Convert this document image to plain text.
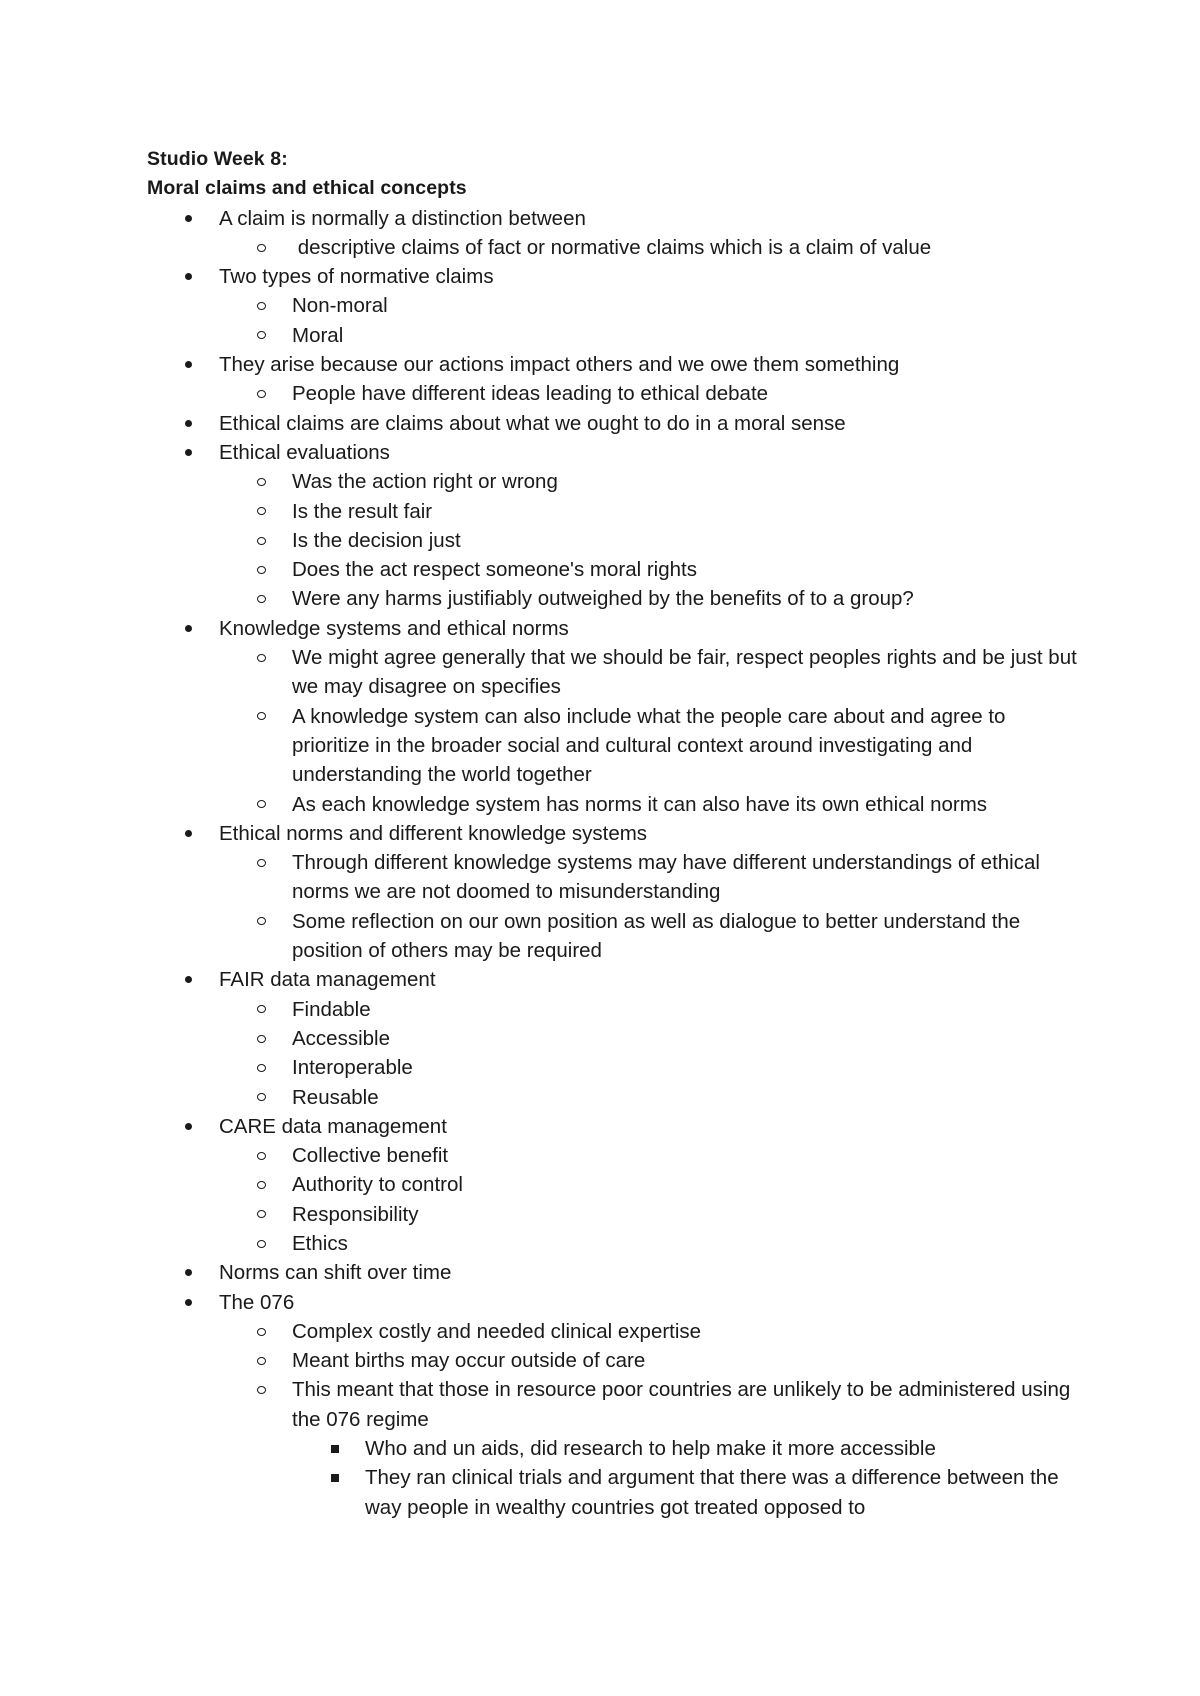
Studio Week 8:
Moral claims and ethical concepts
A claim is normally a distinction between
descriptive claims of fact or normative claims which is a claim of value
Two types of normative claims
Non-moral
Moral
They arise because our actions impact others and we owe them something
People have different ideas leading to ethical debate
Ethical claims are claims about what we ought to do in a moral sense
Ethical evaluations
Was the action right or wrong
Is the result fair
Is the decision just
Does the act respect someone's moral rights
Were any harms justifiably outweighed by the benefits of to a group?
Knowledge systems and ethical norms
We might agree generally that we should be fair, respect peoples rights and be just but we may disagree on specifies
A knowledge system can also include what the people care about and agree to prioritize in the broader social and cultural context around investigating and understanding the world together
As each knowledge system has norms it can also have its own ethical norms
Ethical norms and different knowledge systems
Through different knowledge systems may have different understandings of ethical norms we are not doomed to misunderstanding
Some reflection on our own position as well as dialogue to better understand the position of others may be required
FAIR data management
Findable
Accessible
Interoperable
Reusable
CARE data management
Collective benefit
Authority to control
Responsibility
Ethics
Norms can shift over time
The 076
Complex costly and needed clinical expertise
Meant births may occur outside of care
This meant that those in resource poor countries are unlikely to be administered using the 076 regime
Who and un aids, did research to help make it more accessible
They ran clinical trials and argument that there was a difference between the way people in wealthy countries got treated opposed to
